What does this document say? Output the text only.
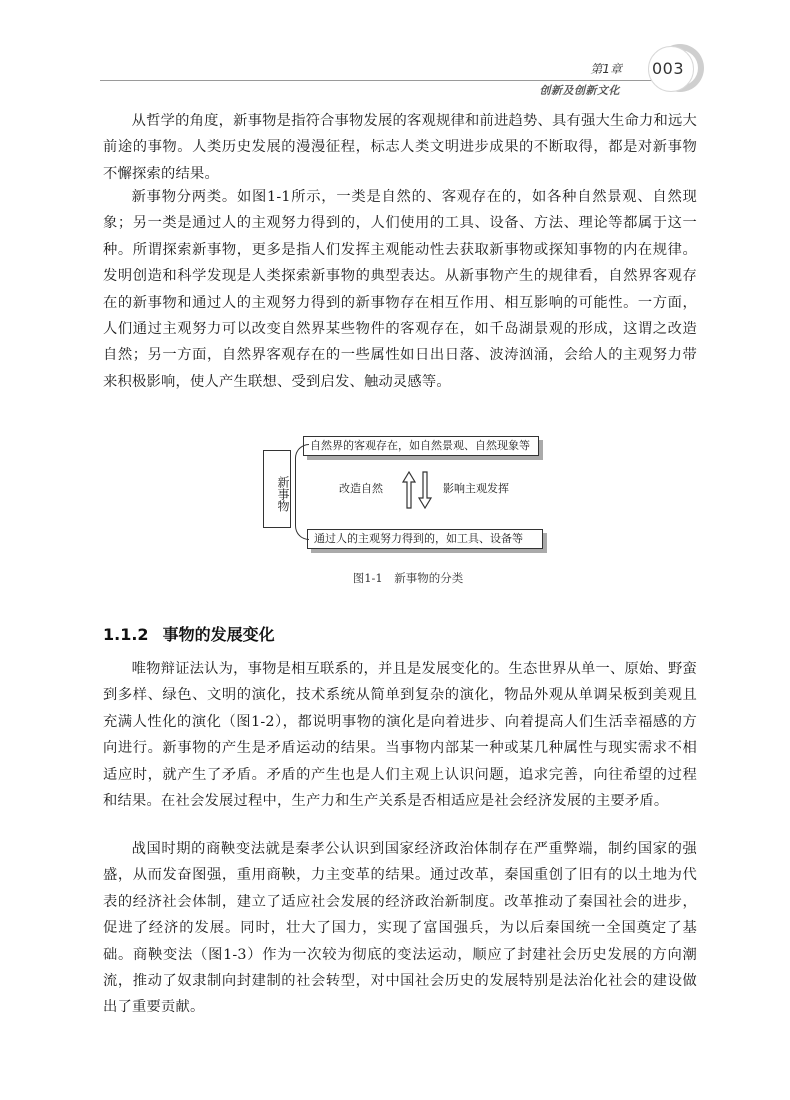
第1章
创新及创新文化
003

从哲学的角度，新事物是指符合事物发展的客观规律和前进趋势、具有强大生命力和远大前途的事物。人类历史发展的漫漫征程，标志人类文明进步成果的不断取得，都是对新事物不懈探索的结果。

新事物分两类。如图1-1所示，一类是自然的、客观存在的，如各种自然景观、自然现象；另一类是通过人的主观努力得到的，人们使用的工具、设备、方法、理论等都属于这一种。所谓探索新事物，更多是指人们发挥主观能动性去获取新事物或探知事物的内在规律。发明创造和科学发现是人类探索新事物的典型表达。从新事物产生的规律看，自然界客观存在的新事物和通过人的主观努力得到的新事物存在相互作用、相互影响的可能性。一方面，人们通过主观努力可以改变自然界某些物件的客观存在，如千岛湖景观的形成，这谓之改造自然；另一方面，自然界客观存在的一些属性如日出日落、波涛汹涌，会给人的主观努力带来积极影响，使人产生联想、受到启发、触动灵感等。

新事物
自然界的客观存在，如自然景观、自然现象等
改造自然	影响主观发挥
通过人的主观努力得到的，如工具、设备等
图1-1　新事物的分类
1.1.2 事物的发展变化

唯物辩证法认为，事物是相互联系的，并且是发展变化的。生态世界从单一、原始、野蛮到多样、绿色、文明的演化，技术系统从简单到复杂的演化，物品外观从单调呆板到美观且充满人性化的演化（图1-2），都说明事物的演化是向着进步、向着提高人们生活幸福感的方向进行。新事物的产生是矛盾运动的结果。当事物内部某一种或某几种属性与现实需求不相适应时，就产生了矛盾。矛盾的产生也是人们主观上认识问题，追求完善，向往希望的过程和结果。在社会发展过程中，生产力和生产关系是否相适应是社会经济发展的主要矛盾。

战国时期的商鞅变法就是秦孝公认识到国家经济政治体制存在严重弊端，制约国家的强盛，从而发奋图强，重用商鞅，力主变革的结果。通过改革，秦国重创了旧有的以土地为代表的经济社会体制，建立了适应社会发展的经济政治新制度。改革推动了秦国社会的进步，促进了经济的发展。同时，壮大了国力，实现了富国强兵，为以后秦国统一全国奠定了基础。商鞅变法（图1-3）作为一次较为彻底的变法运动，顺应了封建社会历史发展的方向潮流，推动了奴隶制向封建制的社会转型，对中国社会历史的发展特别是法治化社会的建设做出了重要贡献。
